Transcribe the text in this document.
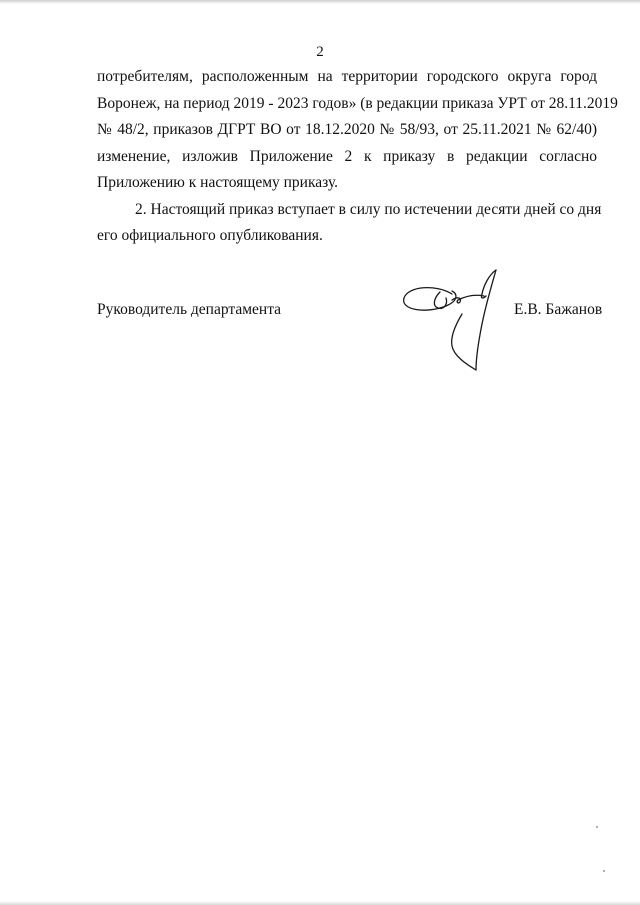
2
потребителям, расположенным на территории городского округа город
Воронеж, на период 2019 - 2023 годов» (в редакции приказа УРТ от 28.11.2019
№ 48/2, приказов ДГРТ ВО от 18.12.2020 № 58/93, от 25.11.2021 № 62/40)
изменение, изложив Приложение 2 к приказу в редакции согласно
Приложению к настоящему приказу.
2. Настоящий приказ вступает в силу по истечении десяти дней со дня
его официального опубликования.
Руководитель департамента	Е.В. Бажанов
